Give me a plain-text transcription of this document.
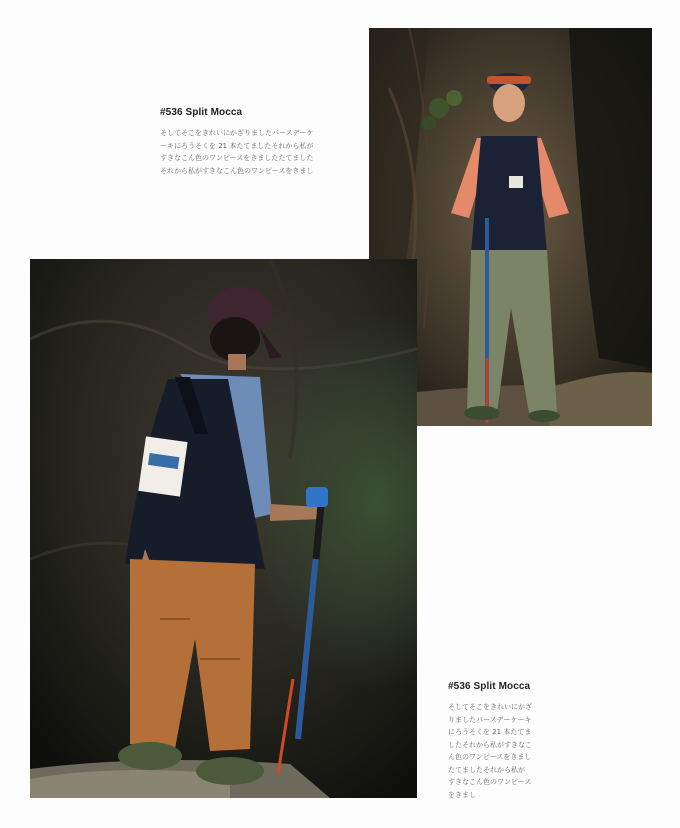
#536 Split Mocca

そしてそこをきれいにかざりましたパースデーケ
ーキにろうそくを 21 本たてましたそれから私が
すきなこん色のワンピースをきましたたてました
それから私がすきなこん色のワンピースをきまし

#536 Split Mocca

そしてそこをきれいにかざ
りましたパースデーケーキ
にろうそくを 21 本たてま
したそれから私がすきなこ
ん色のワンピースをきまし
たてましたそれから私が
すきなこん色のワンピース
をきまし
